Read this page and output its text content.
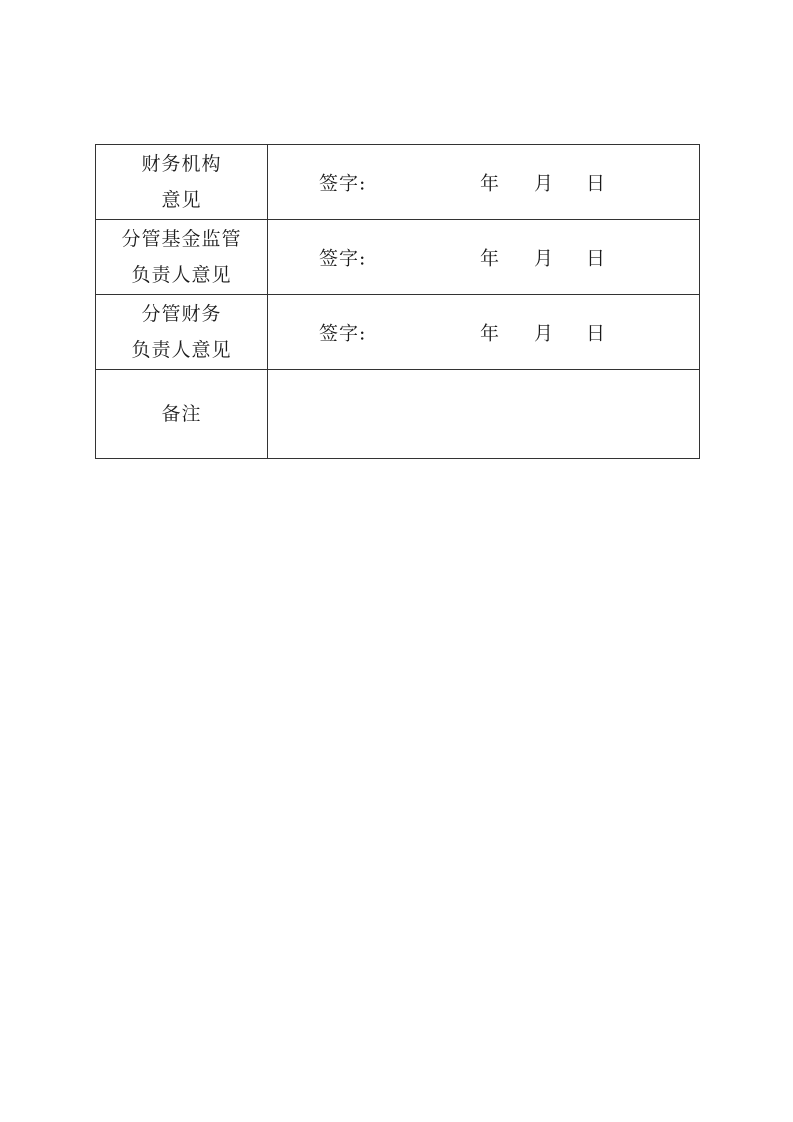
财务机构
意见	签字: 年 月 日

分管基金监管
负责人意见	签字: 年 月 日

分管财务
负责人意见	签字: 年 月 日

备注	
